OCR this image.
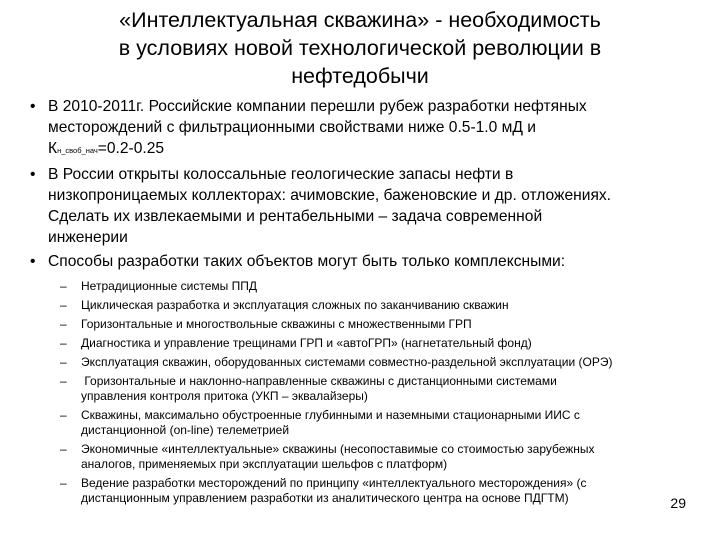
«Интеллектуальная скважина» - необходимость
в условиях новой технологической революции в
нефтедобычи
• В 2010-2011г. Российские компании перешли рубеж разработки нефтяных
месторождений с фильтрационными свойствами ниже 0.5-1.0 мД и
Кн_своб_нач=0.2-0.25
• В России открыты колоссальные геологические запасы нефти в
низкопроницаемых коллекторах: ачимовские, баженовские и др. отложениях.
Сделать их извлекаемыми и рентабельными – задача современной
инженерии
• Способы разработки таких объектов могут быть только комплексными:
– Нетрадиционные системы ППД
– Циклическая разработка и эксплуатация сложных по заканчиванию скважин
– Горизонтальные и многоствольные скважины с множественными ГРП
– Диагностика и управление трещинами ГРП и «автоГРП» (нагнетательный фонд)
– Эксплуатация скважин, оборудованных системами совместно-раздельной эксплуатации (ОРЭ)
– Горизонтальные и наклонно-направленные скважины с дистанционными системами
управления контроля притока (УКП – эквалайзеры)
– Скважины, максимально обустроенные глубинными и наземными стационарными ИИС с
дистанционной (on-line) телеметрией
– Экономичные «интеллектуальные» скважины (несопоставимые со стоимостью зарубежных
аналогов, применяемых при эксплуатации шельфов с платформ)
– Ведение разработки месторождений по принципу «интеллектуального месторождения» (с
дистанционным управлением разработки из аналитического центра на основе ПДГТМ)	29
